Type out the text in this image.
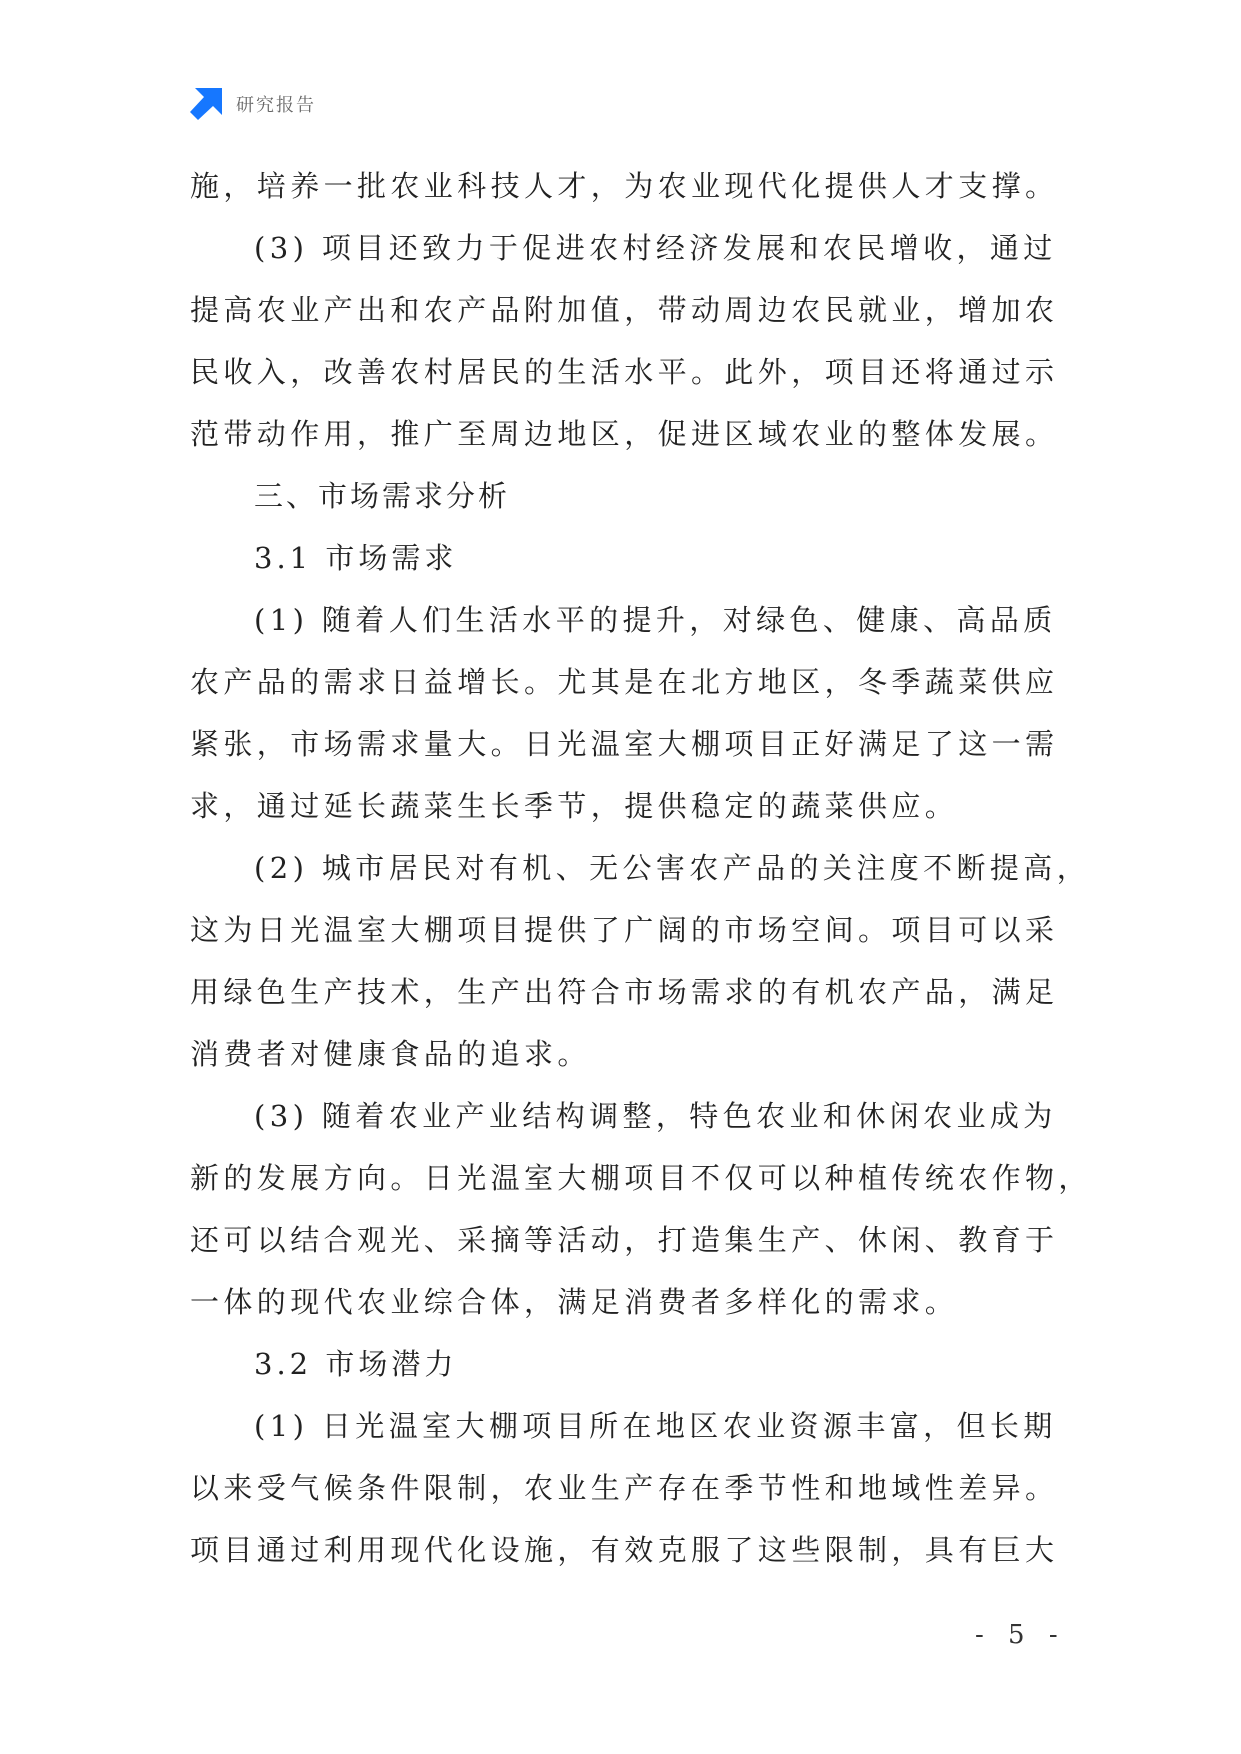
研究报告
施，培养一批农业科技人才，为农业现代化提供人才支撑。
(3) 项目还致力于促进农村经济发展和农民增收，通过
提高农业产出和农产品附加值，带动周边农民就业，增加农
民收入，改善农村居民的生活水平。此外，项目还将通过示
范带动作用，推广至周边地区，促进区域农业的整体发展。
三、市场需求分析
3.1 市场需求
(1) 随着人们生活水平的提升，对绿色、健康、高品质
农产品的需求日益增长。尤其是在北方地区，冬季蔬菜供应
紧张，市场需求量大。日光温室大棚项目正好满足了这一需
求，通过延长蔬菜生长季节，提供稳定的蔬菜供应。
(2) 城市居民对有机、无公害农产品的关注度不断提高，
这为日光温室大棚项目提供了广阔的市场空间。项目可以采
用绿色生产技术，生产出符合市场需求的有机农产品，满足
消费者对健康食品的追求。
(3) 随着农业产业结构调整，特色农业和休闲农业成为
新的发展方向。日光温室大棚项目不仅可以种植传统农作物，
还可以结合观光、采摘等活动，打造集生产、休闲、教育于
一体的现代农业综合体，满足消费者多样化的需求。
3.2 市场潜力
(1) 日光温室大棚项目所在地区农业资源丰富，但长期
以来受气候条件限制，农业生产存在季节性和地域性差异。
项目通过利用现代化设施，有效克服了这些限制，具有巨大
- 5 -
